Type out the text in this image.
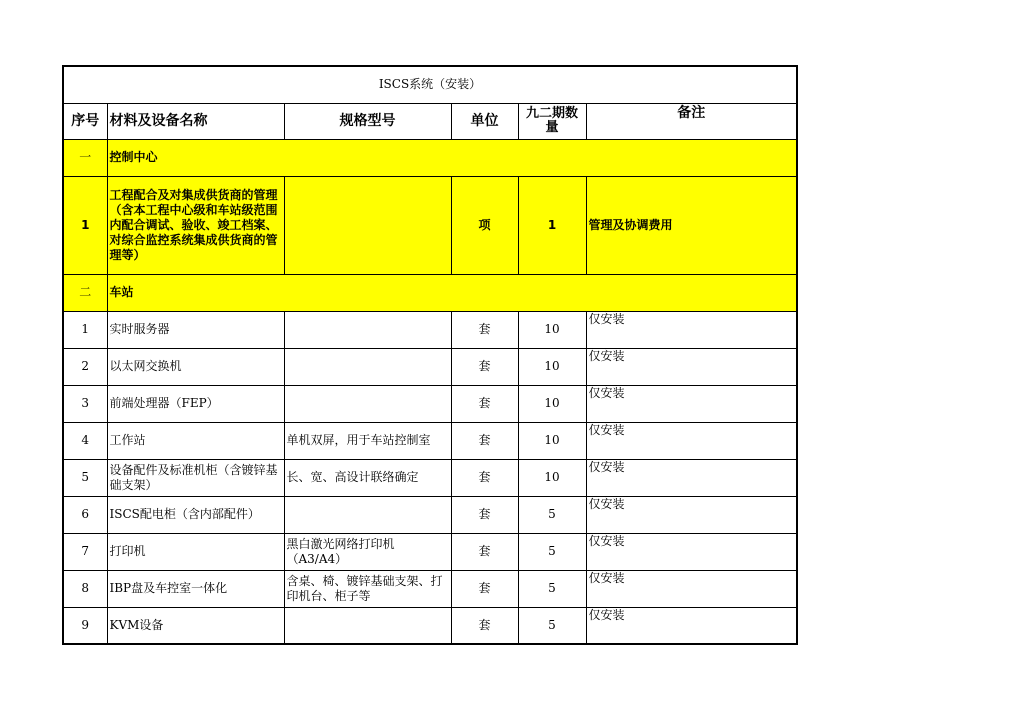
ISCS系统（安装）					
序号	材料及设备名称	规格型号	单位	九二期数量	备注
一	控制中心				
1	工程配合及对集成供货商的管理（含本工程中心级和车站级范围内配合调试、验收、竣工档案、对综合监控系统集成供货商的管理等）		项	1	管理及协调费用
二	车站				
1	实时服务器		套	10	仅安装
2	以太网交换机		套	10	仅安装
3	前端处理器（FEP）		套	10	仅安装
4	工作站	单机双屏，用于车站控制室	套	10	仅安装
5	设备配件及标准机柜（含镀锌基础支架）	长、宽、高设计联络确定	套	10	仅安装
6	ISCS配电柜（含内部配件）		套	5	仅安装
7	打印机	黑白激光网络打印机（A3/A4）	套	5	仅安装
8	IBP盘及车控室一体化	含桌、椅、镀锌基础支架、打印机台、柜子等	套	5	仅安装
9	KVM设备		套	5	仅安装
